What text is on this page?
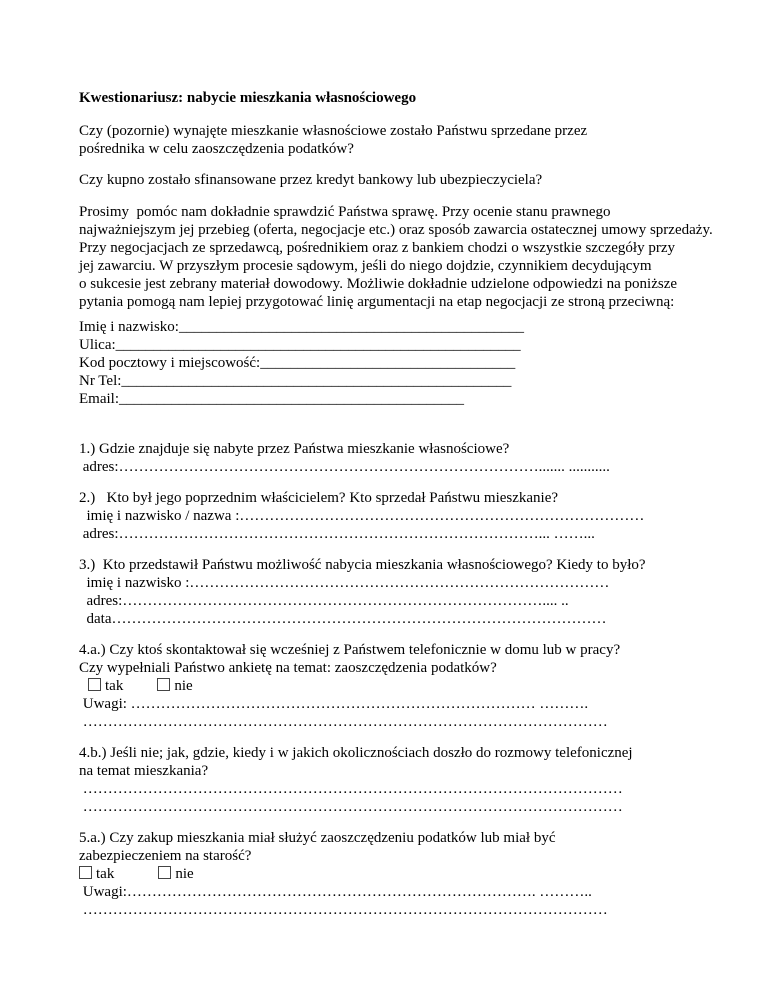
Kwestionariusz: nabycie mieszkania własnościowego
Czy (pozornie) wynajęte mieszkanie własnościowe zostało Państwu sprzedane przez
pośrednika w celu zaoszczędzenia podatków?
Czy kupno zostało sfinansowane przez kredyt bankowy lub ubezpieczyciela?
Prosimy  pomóc nam dokładnie sprawdzić Państwa sprawę. Przy ocenie stanu prawnego
najważniejszym jej przebieg (oferta, negocjacje etc.) oraz sposób zawarcia ostatecznej umowy sprzedaży.
Przy negocjacjach ze sprzedawcą, pośrednikiem oraz z bankiem chodzi o wszystkie szczegóły przy
jej zawarciu. W przyszłym procesie sądowym, jeśli do niego dojdzie, czynnikiem decydującym
o sukcesie jest zebrany materiał dowodowy. Możliwie dokładnie udzielone odpowiedzi na poniższe
pytania pomogą nam lepiej przygotować linię argumentacji na etap negocjacji ze stroną przeciwną:
Imię i nazwisko:______________________________________________
Ulica:______________________________________________________
Kod pocztowy i miejscowość:__________________________________
Nr Tel:____________________________________________________
Email:______________________________________________
1.) Gdzie znajduje się nabyte przez Państwa mieszkanie własnościowe?
adres:…………………………………………………………………………....... ...........
2.)   Kto był jego poprzednim właścicielem? Kto sprzedał Państwu mieszkanie?
imię i nazwisko / nazwa :………………………………………………………………………
adres:…………………………………………………………………………... ……...
3.)  Kto przedstawił Państwu możliwość nabycia mieszkania własnościowego? Kiedy to było?
imię i nazwisko :…………………………………………………………………………
adres:………………………………………………………………………….... ..
data………………………………………………………………………………………
4.a.) Czy ktoś skontaktował się wcześniej z Państwem telefonicznie w domu lub w pracy?
Czy wypełniali Państwo ankietę na temat: zaoszczędzenia podatków?
tak	nie
Uwagi: ……………………………………………………………………… ……….
……………………………………………………………………………………………
4.b.) Jeśli nie; jak, gdzie, kiedy i w jakich okolicznościach doszło do rozmowy telefonicznej
na temat mieszkania?
………………………………………………………………………………………………
………………………………………………………………………………………………
5.a.) Czy zakup mieszkania miał służyć zaoszczędzeniu podatków lub miał być
zabezpieczeniem na starość?
tak	nie
Uwagi:………………………………………………………………………. ………..
……………………………………………………………………………………………
